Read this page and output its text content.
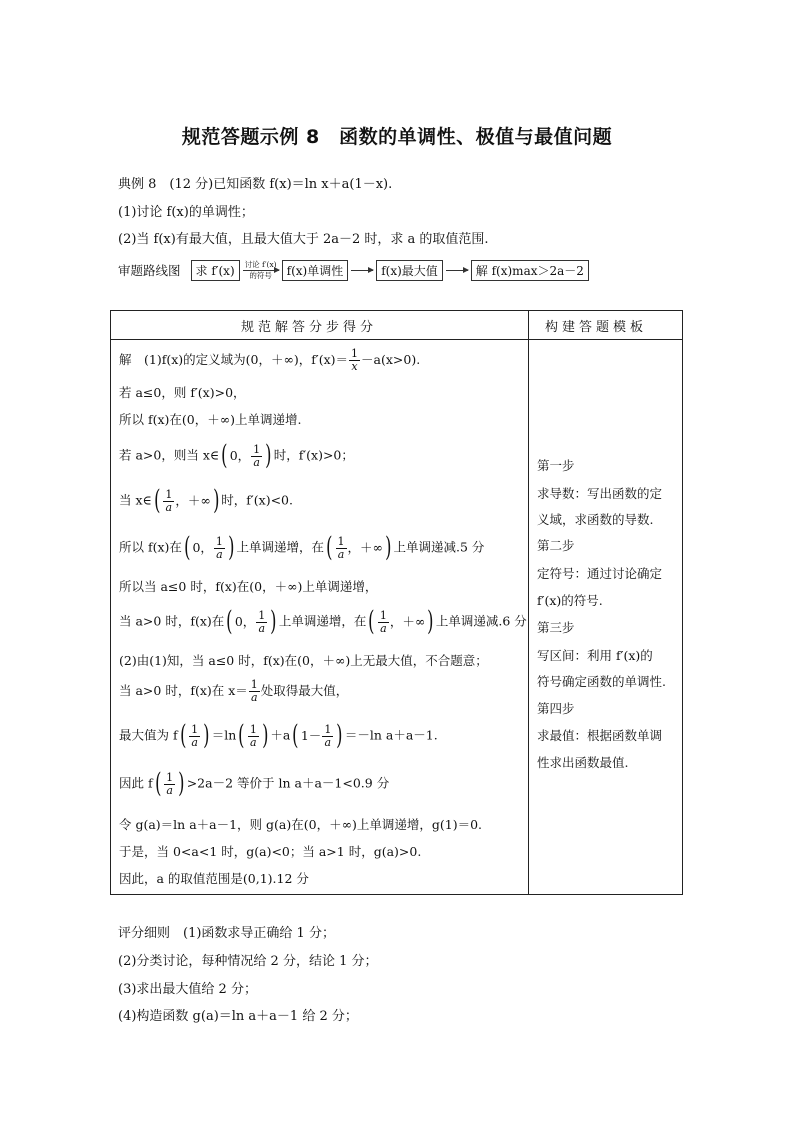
规范答题示例 8　函数的单调性、极值与最值问题
典例 8　(12 分)已知函数 f(x)＝ln x＋a(1－x).
(1)讨论 f(x)的单调性；
(2)当 f(x)有最大值，且最大值大于 2a－2 时，求 a 的取值范围.
审题路线图	求 f′(x)	讨论 f′(x)
的符号	f(x)单调性	f(x)最大值	解 f(x)max＞2a－2
规范解答分步得分	构建答题模板
解　(1)f(x)的定义域为(0，＋∞)，$f'(x)= \frac{1}{x} -a(x>0)$.
若 a≤0，则 f′(x)>0，
所以 f(x)在(0，＋∞)上单调递增.
若 a>0，则当 x∈ ( 0， $\frac{1}{a}$ ) 时，f′(x)>0；
当 x∈ ( $\frac{1}{a}$ ，＋∞ ) 时，f′(x)<0.
所以 f(x)在 ( 0， $\frac{1}{a}$ ) 上单调递增，在 ( $\frac{1}{a}$ ，＋∞ ) 上单调递减.5 分
所以当 a≤0 时，f(x)在(0，＋∞)上单调递增，
当 a>0 时，f(x)在 ( 0， $\frac{1}{a}$ ) 上单调递增，在 ( $\frac{1}{a}$ ，＋∞ ) 上单调递减.6 分
(2)由(1)知，当 a≤0 时，f(x)在(0，＋∞)上无最大值，不合题意；
当 a>0 时，f(x)在 $x= \frac{1}{a}$ 处取得最大值，
最大值为 f ( $\frac{1}{a}$ ) ＝ln ( $\frac{1}{a}$ ) ＋a ( $1- \frac{1}{a}$ ) ＝－ln a＋a－1.
因此 f ( $\frac{1}{a}$ ) >2a－2 等价于 ln a＋a－1<0.9 分
令 g(a)＝ln a＋a－1，则 g(a)在(0，＋∞)上单调递增，g(1)＝0.
于是，当 0<a<1 时，g(a)<0；当 a>1 时，g(a)>0.
因此，a 的取值范围是(0,1).12 分
第一步
求导数：写出函数的定
义域，求函数的导数.
第二步
定符号：通过讨论确定
f′(x)的符号.
第三步
写区间：利用 f′(x)的
符号确定函数的单调性.
第四步
求最值：根据函数单调
性求出函数最值.
评分细则　(1)函数求导正确给 1 分；
(2)分类讨论，每种情况给 2 分，结论 1 分；
(3)求出最大值给 2 分；
(4)构造函数 g(a)＝ln a＋a－1 给 2 分；
